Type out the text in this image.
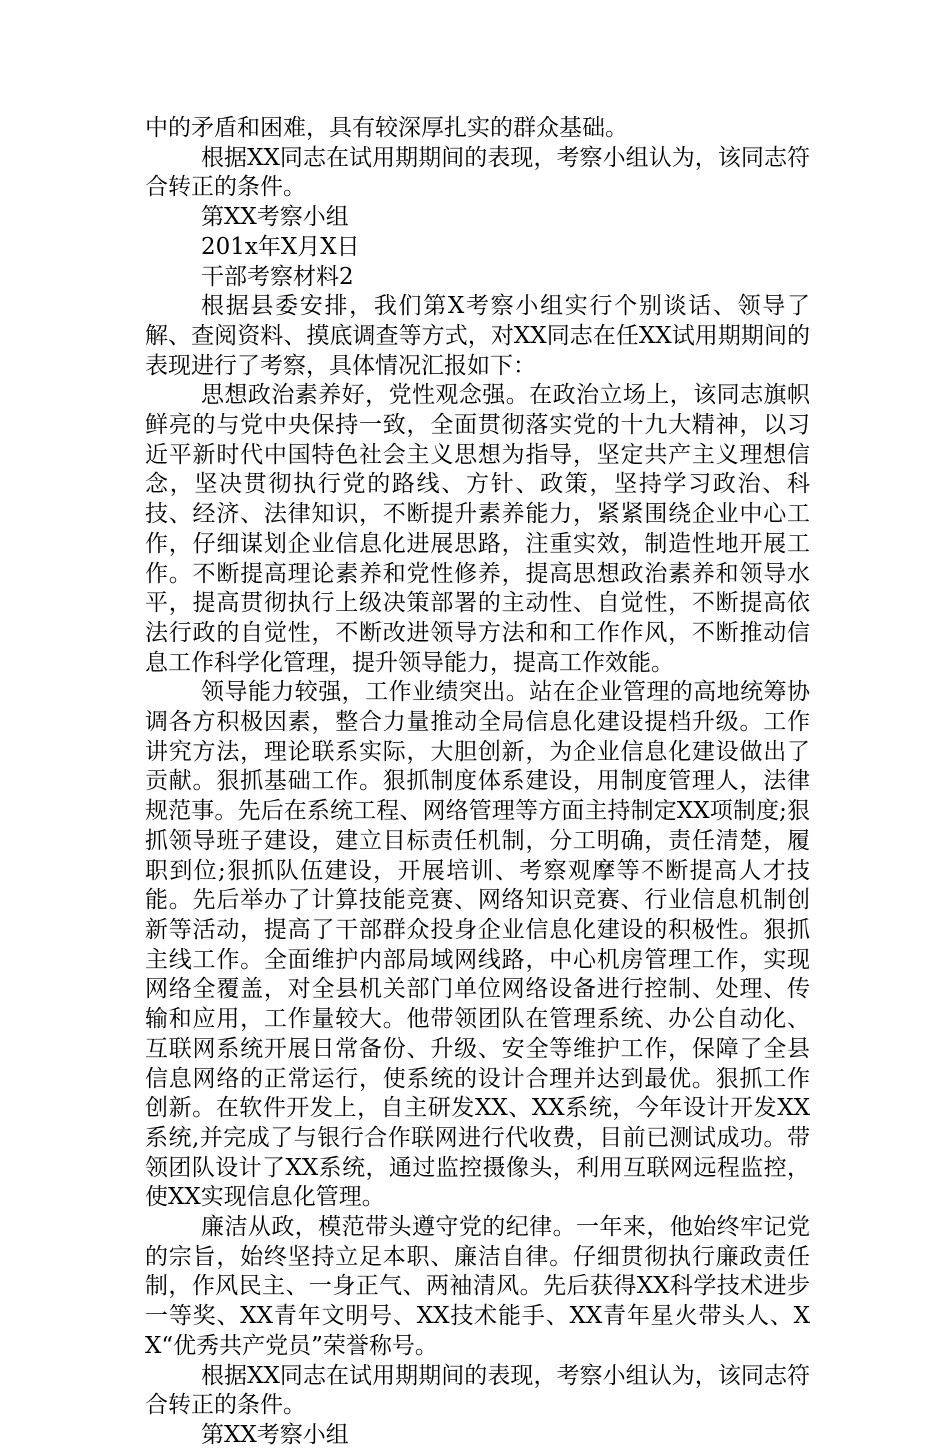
中的矛盾和困难，具有较深厚扎实的群众基础。

根据XX同志在试用期期间的表现，考察小组认为，该同志符合转正的条件。

第XX考察小组

201x年X月X日

干部考察材料2

根据县委安排，我们第X考察小组实行个别谈话、领导了解、查阅资料、摸底调查等方式，对XX同志在任XX试用期期间的表现进行了考察，具体情况汇报如下：

思想政治素养好，党性观念强。在政治立场上，该同志旗帜鲜亮的与党中央保持一致，全面贯彻落实党的十九大精神，以习近平新时代中国特色社会主义思想为指导，坚定共产主义理想信念，坚决贯彻执行党的路线、方针、政策，坚持学习政治、科技、经济、法律知识，不断提升素养能力，紧紧围绕企业中心工作，仔细谋划企业信息化进展思路，注重实效，制造性地开展工作。不断提高理论素养和党性修养，提高思想政治素养和领导水平，提高贯彻执行上级决策部署的主动性、自觉性，不断提高依法行政的自觉性，不断改进领导方法和和工作作风，不断推动信息工作科学化管理，提升领导能力，提高工作效能。

领导能力较强，工作业绩突出。站在企业管理的高地统筹协调各方积极因素，整合力量推动全局信息化建设提档升级。工作讲究方法，理论联系实际，大胆创新，为企业信息化建设做出了贡献。狠抓基础工作。狠抓制度体系建设，用制度管理人，法律规范事。先后在系统工程、网络管理等方面主持制定XX项制度;狠抓领导班子建设，建立目标责任机制，分工明确，责任清楚，履职到位;狠抓队伍建设，开展培训、考察观摩等不断提高人才技能。先后举办了计算技能竞赛、网络知识竞赛、行业信息机制创新等活动，提高了干部群众投身企业信息化建设的积极性。狠抓主线工作。全面维护内部局域网线路，中心机房管理工作，实现网络全覆盖，对全县机关部门单位网络设备进行控制、处理、传输和应用，工作量较大。他带领团队在管理系统、办公自动化、互联网系统开展日常备份、升级、安全等维护工作，保障了全县信息网络的正常运行，使系统的设计合理并达到最优。狠抓工作创新。在软件开发上，自主研发XX、XX系统，今年设计开发XX系统,并完成了与银行合作联网进行代收费，目前已测试成功。带领团队设计了XX系统，通过监控摄像头，利用互联网远程监控，使XX实现信息化管理。

廉洁从政，模范带头遵守党的纪律。一年来，他始终牢记党的宗旨，始终坚持立足本职、廉洁自律。仔细贯彻执行廉政责任制，作风民主、一身正气、两袖清风。先后获得XX科学技术进步一等奖、XX青年文明号、XX技术能手、XX青年星火带头人、XX“优秀共产党员”荣誉称号。

根据XX同志在试用期期间的表现，考察小组认为，该同志符合转正的条件。

第XX考察小组
